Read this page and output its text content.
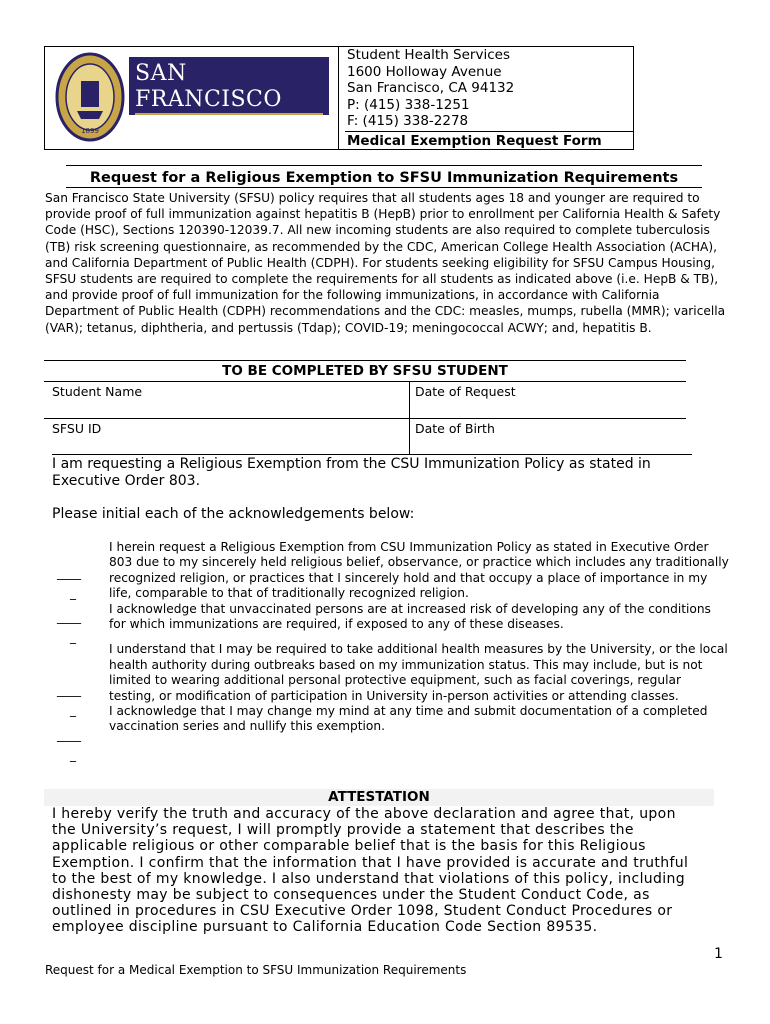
1899
SAN FRANCISCO
STATE UNIVERSITY
Student Health Services
1600 Holloway Avenue
San Francisco, CA 94132
P: (415) 338-1251
F: (415) 338-2278
Medical Exemption Request Form
Request for a Religious Exemption to SFSU Immunization Requirements
San Francisco State University (SFSU) policy requires that all students ages 18 and younger are required to provide proof of full immunization against hepatitis B (HepB) prior to enrollment per California Health & Safety Code (HSC), Sections 120390-12039.7. All new incoming students are also required to complete tuberculosis (TB) risk screening questionnaire, as recommended by the CDC, American College Health Association (ACHA), and California Department of Public Health (CDPH). For students seeking eligibility for SFSU Campus Housing, SFSU students are required to complete the requirements for all students as indicated above (i.e. HepB & TB), and provide proof of full immunization for the following immunizations, in accordance with California Department of Public Health (CDPH) recommendations and the CDC: measles, mumps, rubella (MMR); varicella (VAR); tetanus, diphtheria, and pertussis (Tdap); COVID-19; meningococcal ACWY; and, hepatitis B.
TO BE COMPLETED BY SFSU STUDENT
Student Name	Date of Request
SFSU ID	Date of Birth
I am requesting a Religious Exemption from the CSU Immunization Policy as stated in Executive Order 803.
Please initial each of the acknowledgements below:
____
_
____
_
____
_
____
_
I herein request a Religious Exemption from CSU Immunization Policy as stated in Executive Order 803 due to my sincerely held religious belief, observance, or practice which includes any traditionally recognized religion, or practices that I sincerely hold and that occupy a place of importance in my life, comparable to that of traditionally recognized religion.
I acknowledge that unvaccinated persons are at increased risk of developing any of the conditions for which immunizations are required, if exposed to any of these diseases.
I understand that I may be required to take additional health measures by the University, or the local health authority during outbreaks based on my immunization status. This may include, but is not limited to wearing additional personal protective equipment, such as facial coverings, regular testing, or modification of participation in University in-person activities or attending classes.
I acknowledge that I may change my mind at any time and submit documentation of a completed vaccination series and nullify this exemption.
ATTESTATION
I hereby verify the truth and accuracy of the above declaration and agree that, upon the University’s request, I will promptly provide a statement that describes the applicable religious or other comparable belief that is the basis for this Religious Exemption. I confirm that the information that I have provided is accurate and truthful to the best of my knowledge. I also understand that violations of this policy, including dishonesty may be subject to consequences under the Student Conduct Code, as outlined in procedures in CSU Executive Order 1098, Student Conduct Procedures or employee discipline pursuant to California Education Code Section 89535.
1
Request for a Medical Exemption to SFSU Immunization Requirements
